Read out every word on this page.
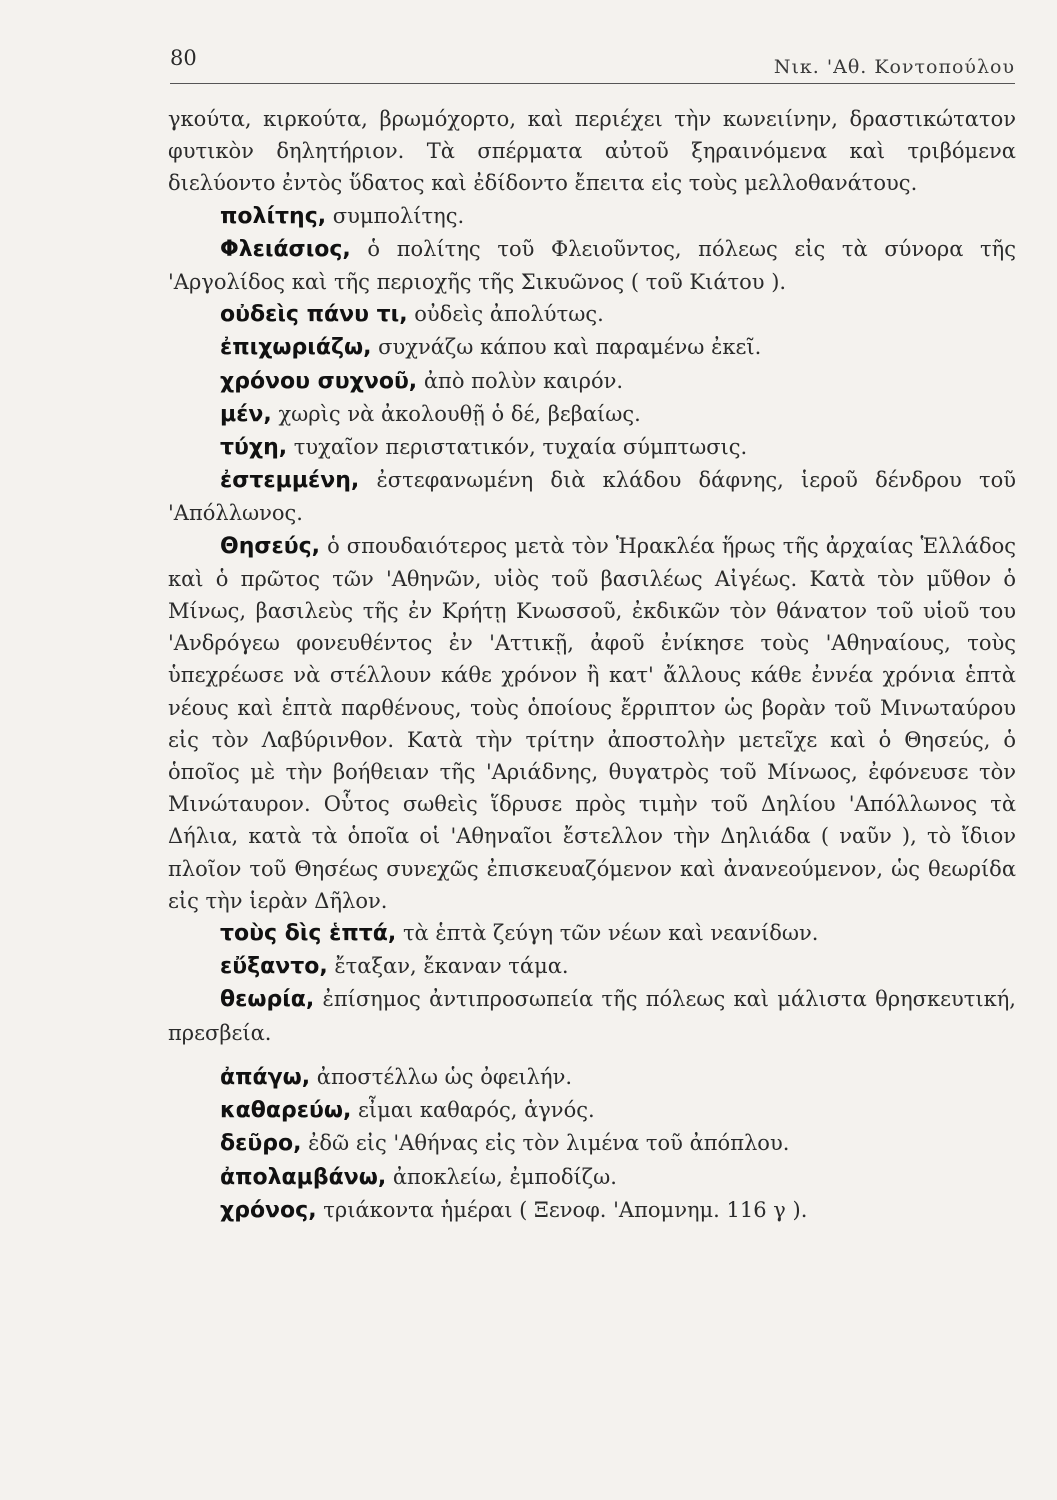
80	Νικ. 'Αθ. Κοντοπούλου

γκούτα, κιρκούτα, βρωμόχορτο, καὶ περιέχει τὴν κωνειίνην, δραστικώτατον φυτικὸν δηλητήριον. Τὰ σπέρματα αὐτοῦ ξηραινόμενα καὶ τριβόμενα διελύοντο ἐντὸς ὕδατος καὶ ἐδίδοντο ἔπειτα εἰς τοὺς μελλοθανάτους.

πολίτης, συμπολίτης.

Φλειάσιος, ὁ πολίτης τοῦ Φλειοῦντος, πόλεως εἰς τὰ σύνορα τῆς 'Αργολίδος καὶ τῆς περιοχῆς τῆς Σικυῶνος ( τοῦ Κιάτου ).

οὐδεὶς πάνυ τι, οὐδεὶς ἀπολύτως.

ἐπιχωριάζω, συχνάζω κάπου καὶ παραμένω ἐκεῖ.

χρόνου συχνοῦ, ἀπὸ πολὺν καιρόν.

μέν, χωρὶς νὰ ἀκολουθῇ ὁ δέ, βεβαίως.

τύχη, τυχαῖον περιστατικόν, τυχαία σύμπτωσις.

ἐστεμμένη, ἐστεφανωμένη διὰ κλάδου δάφνης, ἱεροῦ δένδρου τοῦ 'Απόλλωνος.

Θησεύς, ὁ σπουδαιότερος μετὰ τὸν Ἡρακλέα ἥρως τῆς ἀρχαίας Ἑλλάδος καὶ ὁ πρῶτος τῶν 'Αθηνῶν, υἱὸς τοῦ βασιλέως Αἰγέως. Κατὰ τὸν μῦθον ὁ Μίνως, βασιλεὺς τῆς ἐν Κρήτῃ Κνωσσοῦ, ἐκδικῶν τὸν θάνατον τοῦ υἱοῦ του 'Ανδρόγεω φονευθέντος ἐν 'Αττικῇ, ἀφοῦ ἐνίκησε τοὺς 'Αθηναίους, τοὺς ὑπεχρέωσε νὰ στέλλουν κάθε χρόνον ἢ κατ' ἄλλους κάθε ἐννέα χρόνια ἑπτὰ νέους καὶ ἑπτὰ παρθένους, τοὺς ὁποίους ἔρριπτον ὡς βορὰν τοῦ Μινωταύρου εἰς τὸν Λαβύρινθον. Κατὰ τὴν τρίτην ἀποστολὴν μετεῖχε καὶ ὁ Θησεύς, ὁ ὁποῖος μὲ τὴν βοήθειαν τῆς 'Αριάδνης, θυγατρὸς τοῦ Μίνωος, ἐφόνευσε τὸν Μινώταυρον. Οὗτος σωθεὶς ἵδρυσε πρὸς τιμὴν τοῦ Δηλίου 'Απόλλωνος τὰ Δήλια, κατὰ τὰ ὁποῖα οἱ 'Αθηναῖοι ἔστελλον τὴν Δηλιάδα ( ναῦν ), τὸ ἴδιον πλοῖον τοῦ Θησέως συνεχῶς ἐπισκευαζόμενον καὶ ἀνανεούμενον, ὡς θεωρίδα εἰς τὴν ἱερὰν Δῆλον.

τοὺς δὶς ἑπτά, τὰ ἑπτὰ ζεύγη τῶν νέων καὶ νεανίδων.

εὔξαντο, ἔταξαν, ἔκαναν τάμα.

θεωρία, ἐπίσημος ἀντιπροσωπεία τῆς πόλεως καὶ μάλιστα θρησκευτική, πρεσβεία.

ἀπάγω, ἀποστέλλω ὡς ὀφειλήν.

καθαρεύω, εἶμαι καθαρός, ἁγνός.

δεῦρο, ἐδῶ εἰς 'Αθήνας εἰς τὸν λιμένα τοῦ ἀπόπλου.

ἀπολαμβάνω, ἀποκλείω, ἐμποδίζω.

χρόνος, τριάκοντα ἡμέραι ( Ξενοφ. 'Απομνημ. 116 γ ).
